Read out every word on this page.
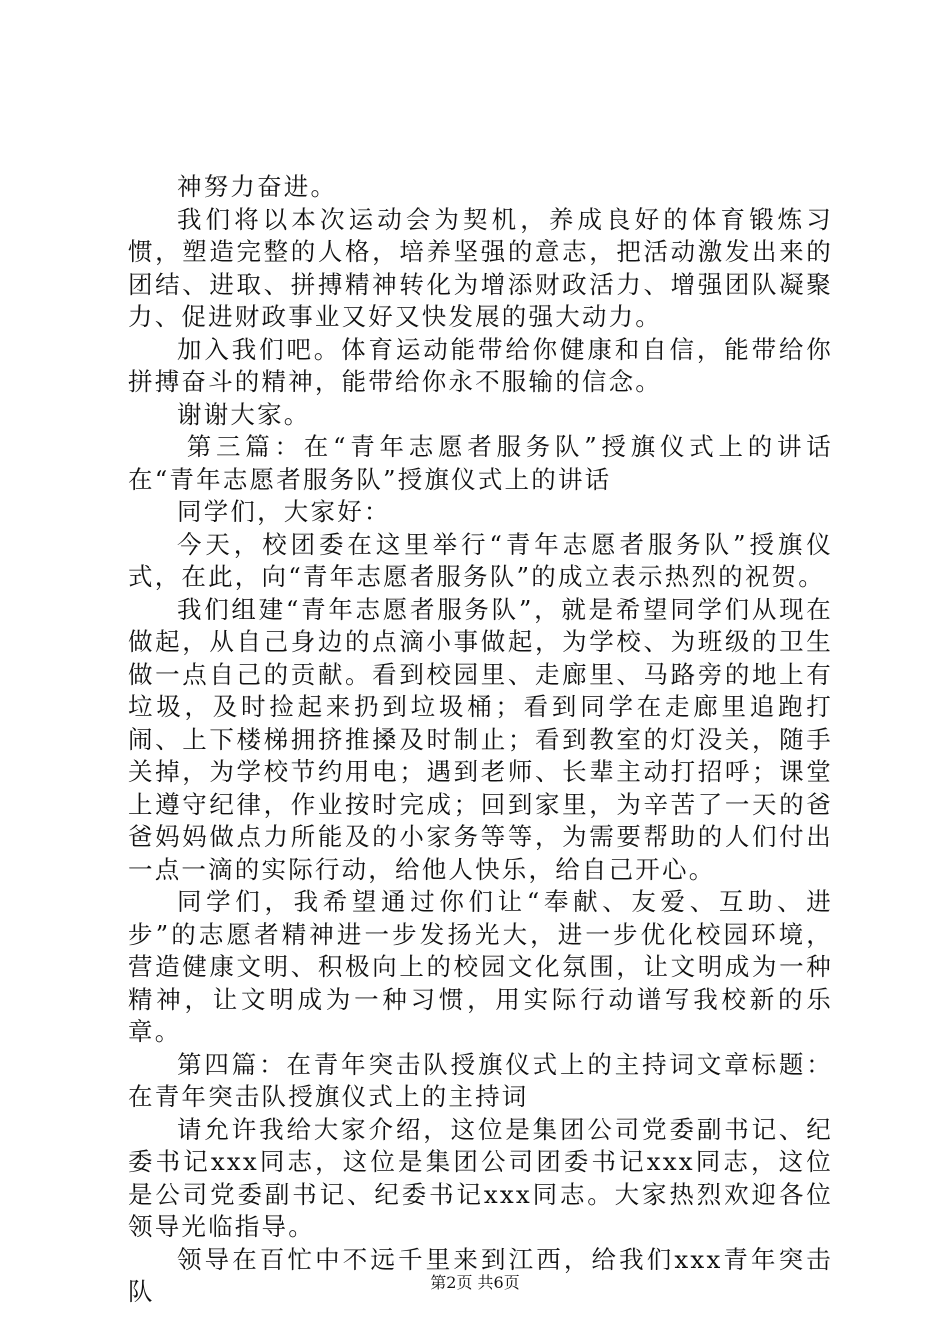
神努力奋进。

我们将以本次运动会为契机，养成良好的体育锻炼习惯，塑造完整的人格，培养坚强的意志，把活动激发出来的团结、进取、拼搏精神转化为增添财政活力、增强团队凝聚力、促进财政事业又好又快发展的强大动力。

加入我们吧。体育运动能带给你健康和自信，能带给你拼搏奋斗的精神，能带给你永不服输的信念。

谢谢大家。

第三篇：在“青年志愿者服务队”授旗仪式上的讲话在“青年志愿者服务队”授旗仪式上的讲话

同学们，大家好：

今天，校团委在这里举行“青年志愿者服务队”授旗仪式，在此，向“青年志愿者服务队”的成立表示热烈的祝贺。

我们组建“青年志愿者服务队”，就是希望同学们从现在做起，从自己身边的点滴小事做起，为学校、为班级的卫生做一点自己的贡献。看到校园里、走廊里、马路旁的地上有垃圾，及时捡起来扔到垃圾桶；看到同学在走廊里追跑打闹、上下楼梯拥挤推搡及时制止；看到教室的灯没关，随手关掉，为学校节约用电；遇到老师、长辈主动打招呼；课堂上遵守纪律，作业按时完成；回到家里，为辛苦了一天的爸爸妈妈做点力所能及的小家务等等，为需要帮助的人们付出一点一滴的实际行动，给他人快乐，给自己开心。

同学们，我希望通过你们让“奉献、友爱、互助、进步”的志愿者精神进一步发扬光大，进一步优化校园环境，营造健康文明、积极向上的校园文化氛围，让文明成为一种精神，让文明成为一种习惯，用实际行动谱写我校新的乐章。

第四篇：在青年突击队授旗仪式上的主持词文章标题：在青年突击队授旗仪式上的主持词

请允许我给大家介绍，这位是集团公司党委副书记、纪委书记xxx同志，这位是集团公司团委书记xxx同志，这位是公司党委副书记、纪委书记xxx同志。大家热烈欢迎各位领导光临指导。

领导在百忙中不远千里来到江西，给我们xxx青年突击队	第2页 共6页
